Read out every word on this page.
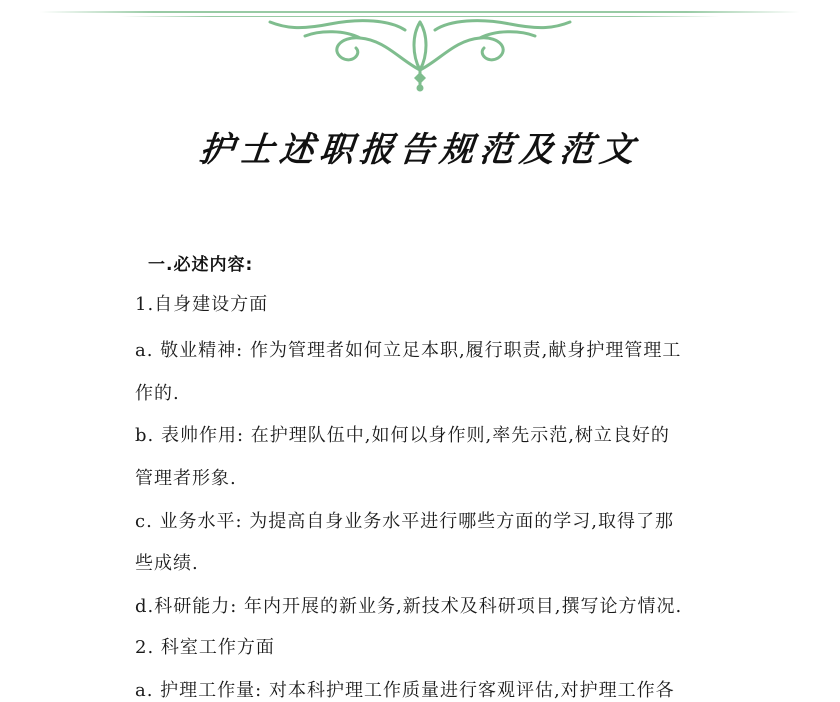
护士述职报告规范及范文
一.必述内容:
1.自身建设方面
a. 敬业精神: 作为管理者如何立足本职,履行职责,献身护理管理工
作的.
b. 表帅作用: 在护理队伍中,如何以身作则,率先示范,树立良好的
管理者形象.
c. 业务水平: 为提高自身业务水平进行哪些方面的学习,取得了那
些成绩.
d.科研能力: 年内开展的新业务,新技术及科研项目,撰写论方情况.
2. 科室工作方面
a. 护理工作量: 对本科护理工作质量进行客观评估,对护理工作各
